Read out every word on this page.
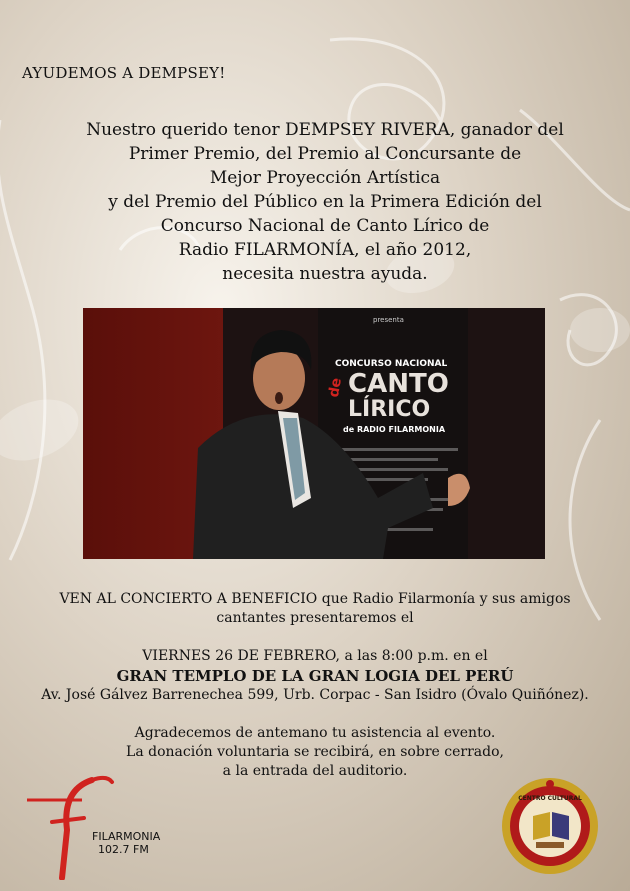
AYUDEMOS A DEMPSEY!
Nuestro querido tenor DEMPSEY RIVERA, ganador del
Primer Premio, del Premio al Concursante de
Mejor Proyección Artística
y del Premio del Público en la Primera Edición del
Concurso Nacional de Canto Lírico de
Radio FILARMONÍA, el año 2012,
necesita nuestra ayuda.
presenta
CONCURSO NACIONAL
de CANTO
LÍRICO
de RADIO FILARMONIA
VEN AL CONCIERTO A BENEFICIO que Radio Filarmonía y sus amigos
cantantes presentaremos el
VIERNES 26 DE FEBRERO, a las 8:00 p.m. en el
GRAN TEMPLO DE LA GRAN LOGIA DEL PERÚ
Av. José Gálvez Barrenechea 599, Urb. Corpac - San Isidro (Óvalo Quiñónez).
Agradecemos de antemano tu asistencia al evento.
La donación voluntaria se recibirá, en sobre cerrado,
a la entrada del auditorio.
FILARMONIA
102.7 FM
CENTRO CULTURAL
